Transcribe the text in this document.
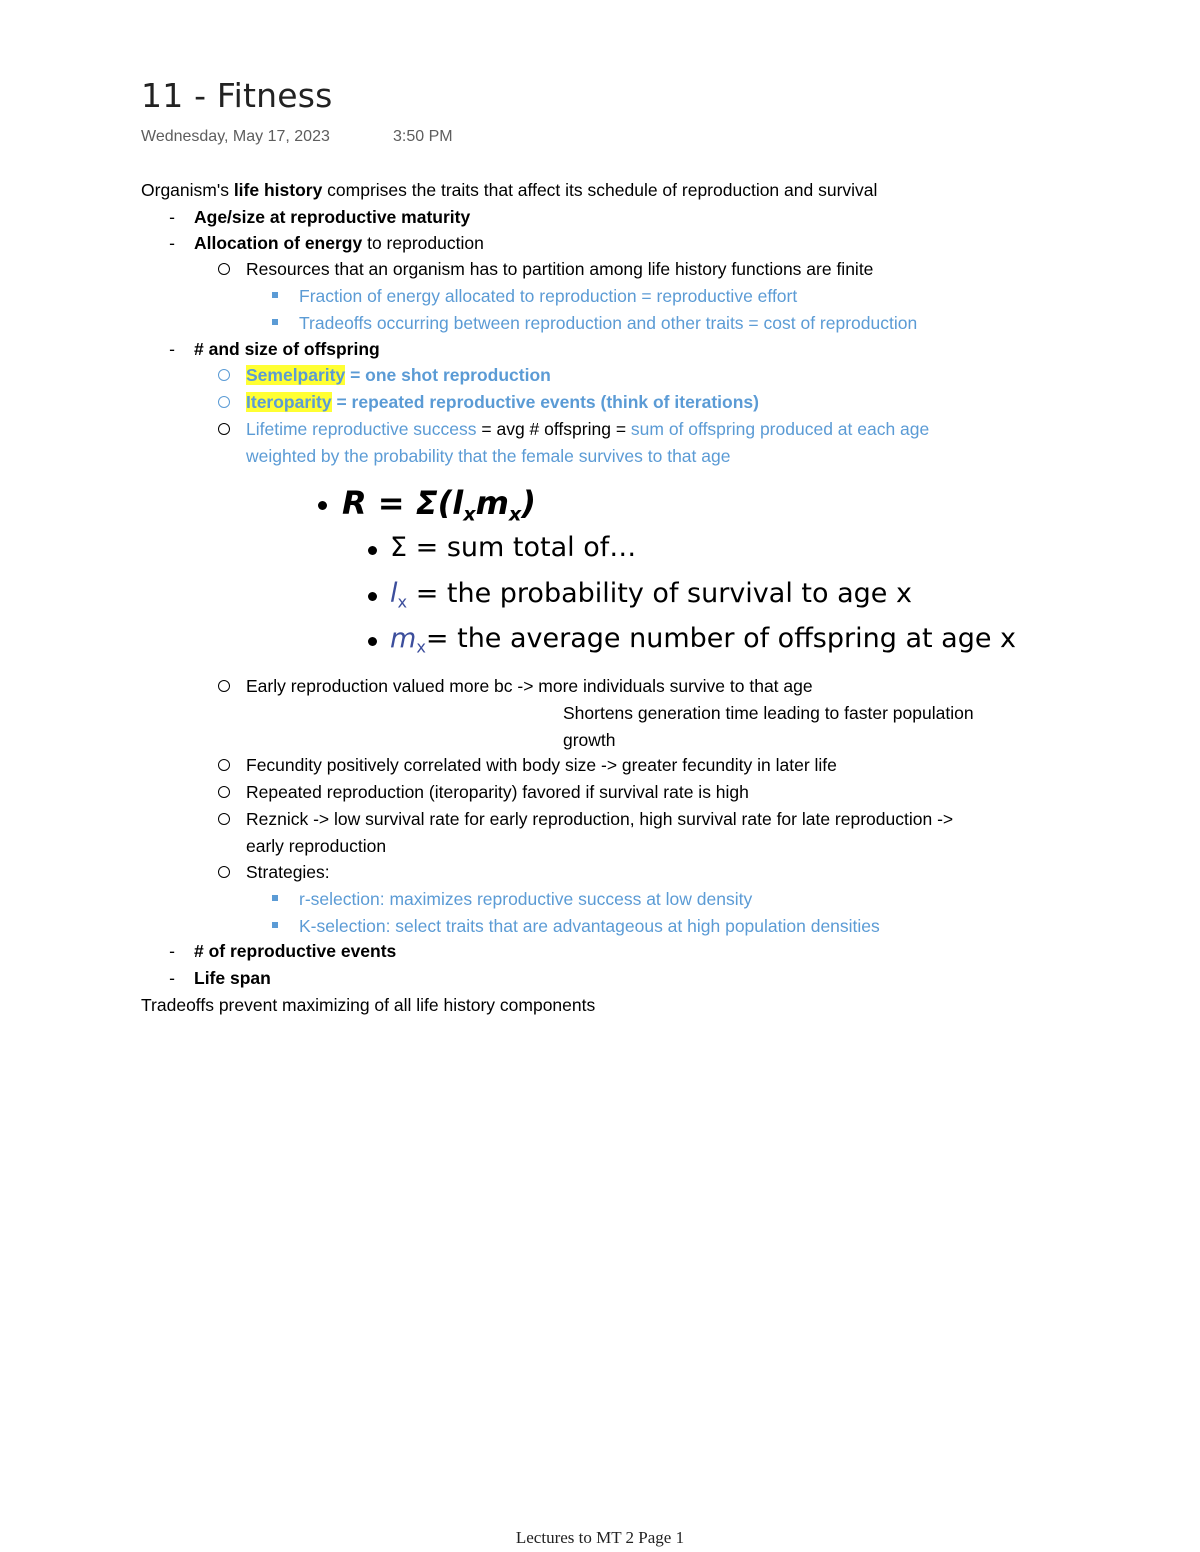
11 - Fitness
Wednesday, May 17, 2023	3:50 PM
Organism's life history comprises the traits that affect its schedule of reproduction and survival
- Age/size at reproductive maturity
- Allocation of energy to reproduction
Resources that an organism has to partition among life history functions are finite
Fraction of energy allocated to reproduction = reproductive effort
Tradeoffs occurring between reproduction and other traits = cost of reproduction
- # and size of offspring
Semelparity = one shot reproduction
Iteroparity = repeated reproductive events (think of iterations)
Lifetime reproductive success = avg # offspring = sum of offspring produced at each age
weighted by the probability that the female survives to that age
$R = \Sigma(l_xm_x)$
Σ = sum total of…
$l_x$ = the probability of survival to age x
$m_x=$ the average number of offspring at age x
Early reproduction valued more bc -> more individuals survive to that age
Shortens generation time leading to faster population
growth
Fecundity positively correlated with body size -> greater fecundity in later life
Repeated reproduction (iteroparity) favored if survival rate is high
Reznick -> low survival rate for early reproduction, high survival rate for late reproduction ->
early reproduction
Strategies:
r-selection: maximizes reproductive success at low density
K-selection: select traits that are advantageous at high population densities
- # of reproductive events
- Life span
Tradeoffs prevent maximizing of all life history components
Lectures to MT 2 Page 1
